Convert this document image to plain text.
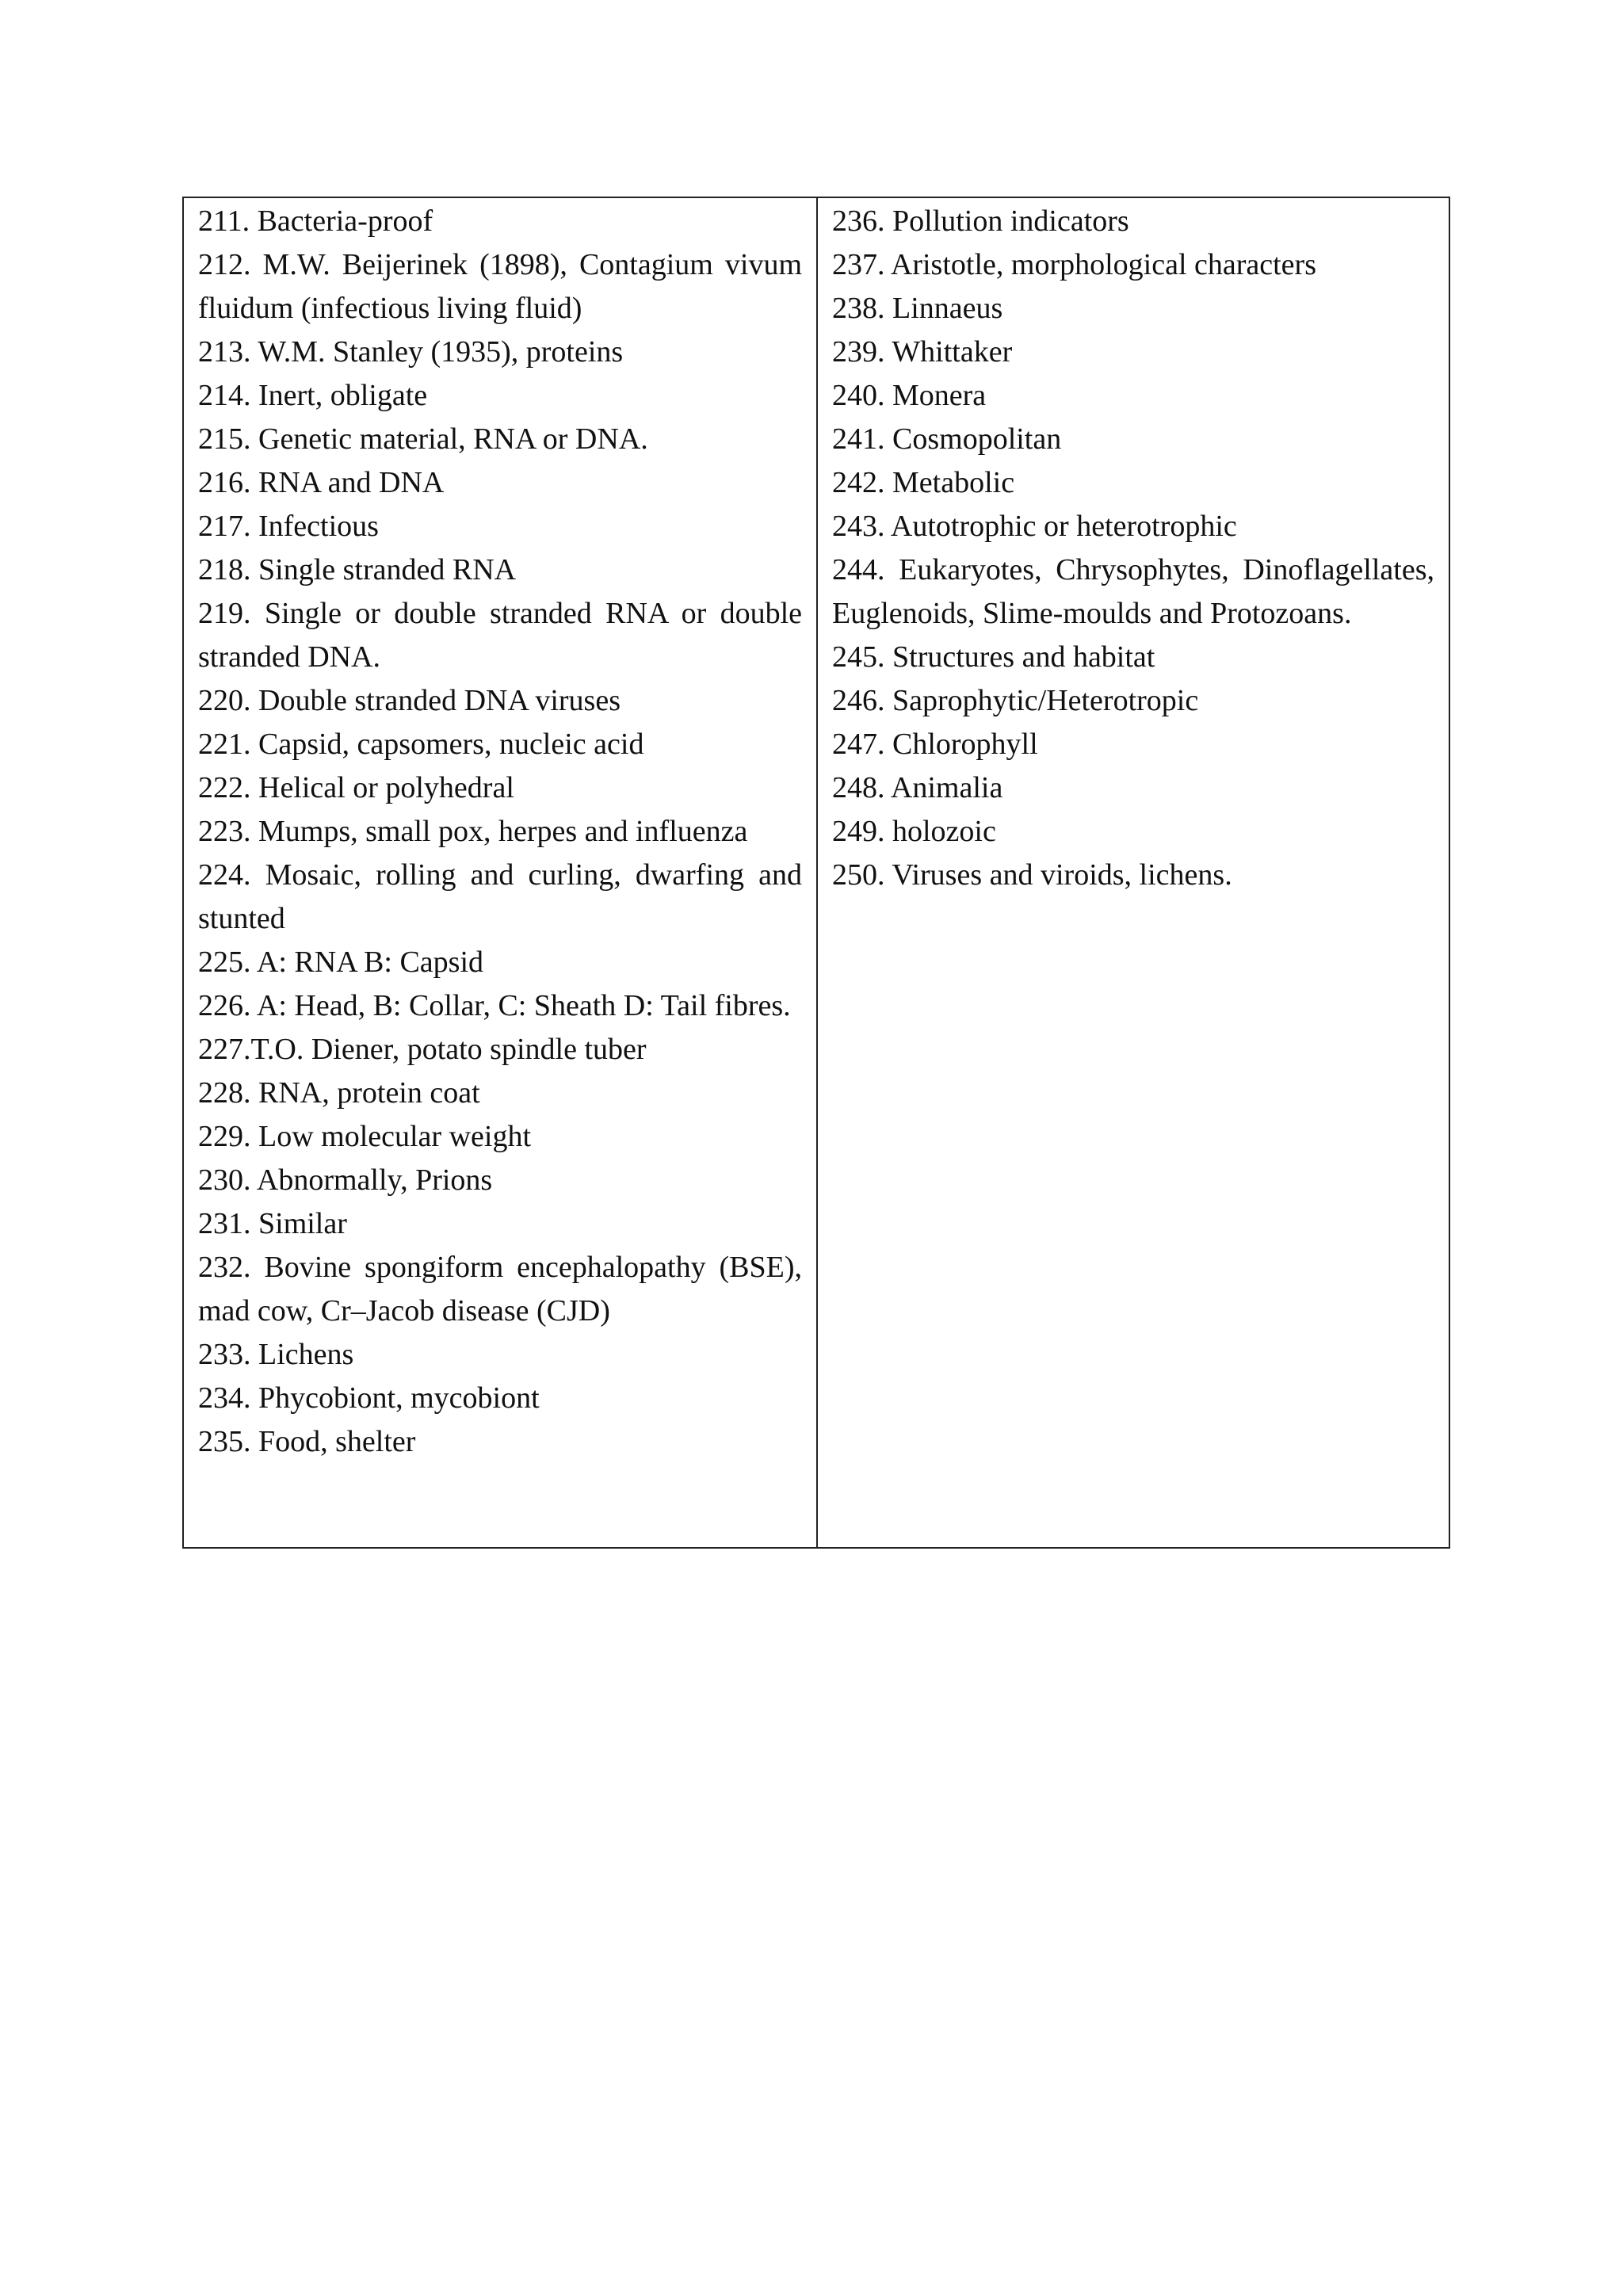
211. Bacteria-proof
212. M.W. Beijerinek (1898), Contagium vivum fluidum (infectious living fluid)
213. W.M. Stanley (1935), proteins
214. Inert, obligate
215. Genetic material, RNA or DNA.
216. RNA and DNA
217. Infectious
218. Single stranded RNA
219. Single or double stranded RNA or double stranded DNA.
220. Double stranded DNA viruses
221. Capsid, capsomers, nucleic acid
222. Helical or polyhedral
223. Mumps, small pox, herpes and influenza
224. Mosaic, rolling and curling, dwarfing and stunted
225. A: RNA B: Capsid
226. A: Head, B: Collar, C: Sheath D: Tail fibres.
227.T.O. Diener, potato spindle tuber
228. RNA, protein coat
229. Low molecular weight
230. Abnormally, Prions
231. Similar
232. Bovine spongiform encephalopathy (BSE), mad cow, Cr–Jacob disease (CJD)
233. Lichens
234. Phycobiont, mycobiont
235. Food, shelter
236. Pollution indicators
237. Aristotle, morphological characters
238. Linnaeus
239. Whittaker
240. Monera
241. Cosmopolitan
242. Metabolic
243. Autotrophic or heterotrophic
244. Eukaryotes, Chrysophytes, Dinoflagellates, Euglenoids, Slime-moulds and Protozoans.
245. Structures and habitat
246. Saprophytic/Heterotropic
247. Chlorophyll
248. Animalia
249. holozoic
250. Viruses and viroids, lichens.
